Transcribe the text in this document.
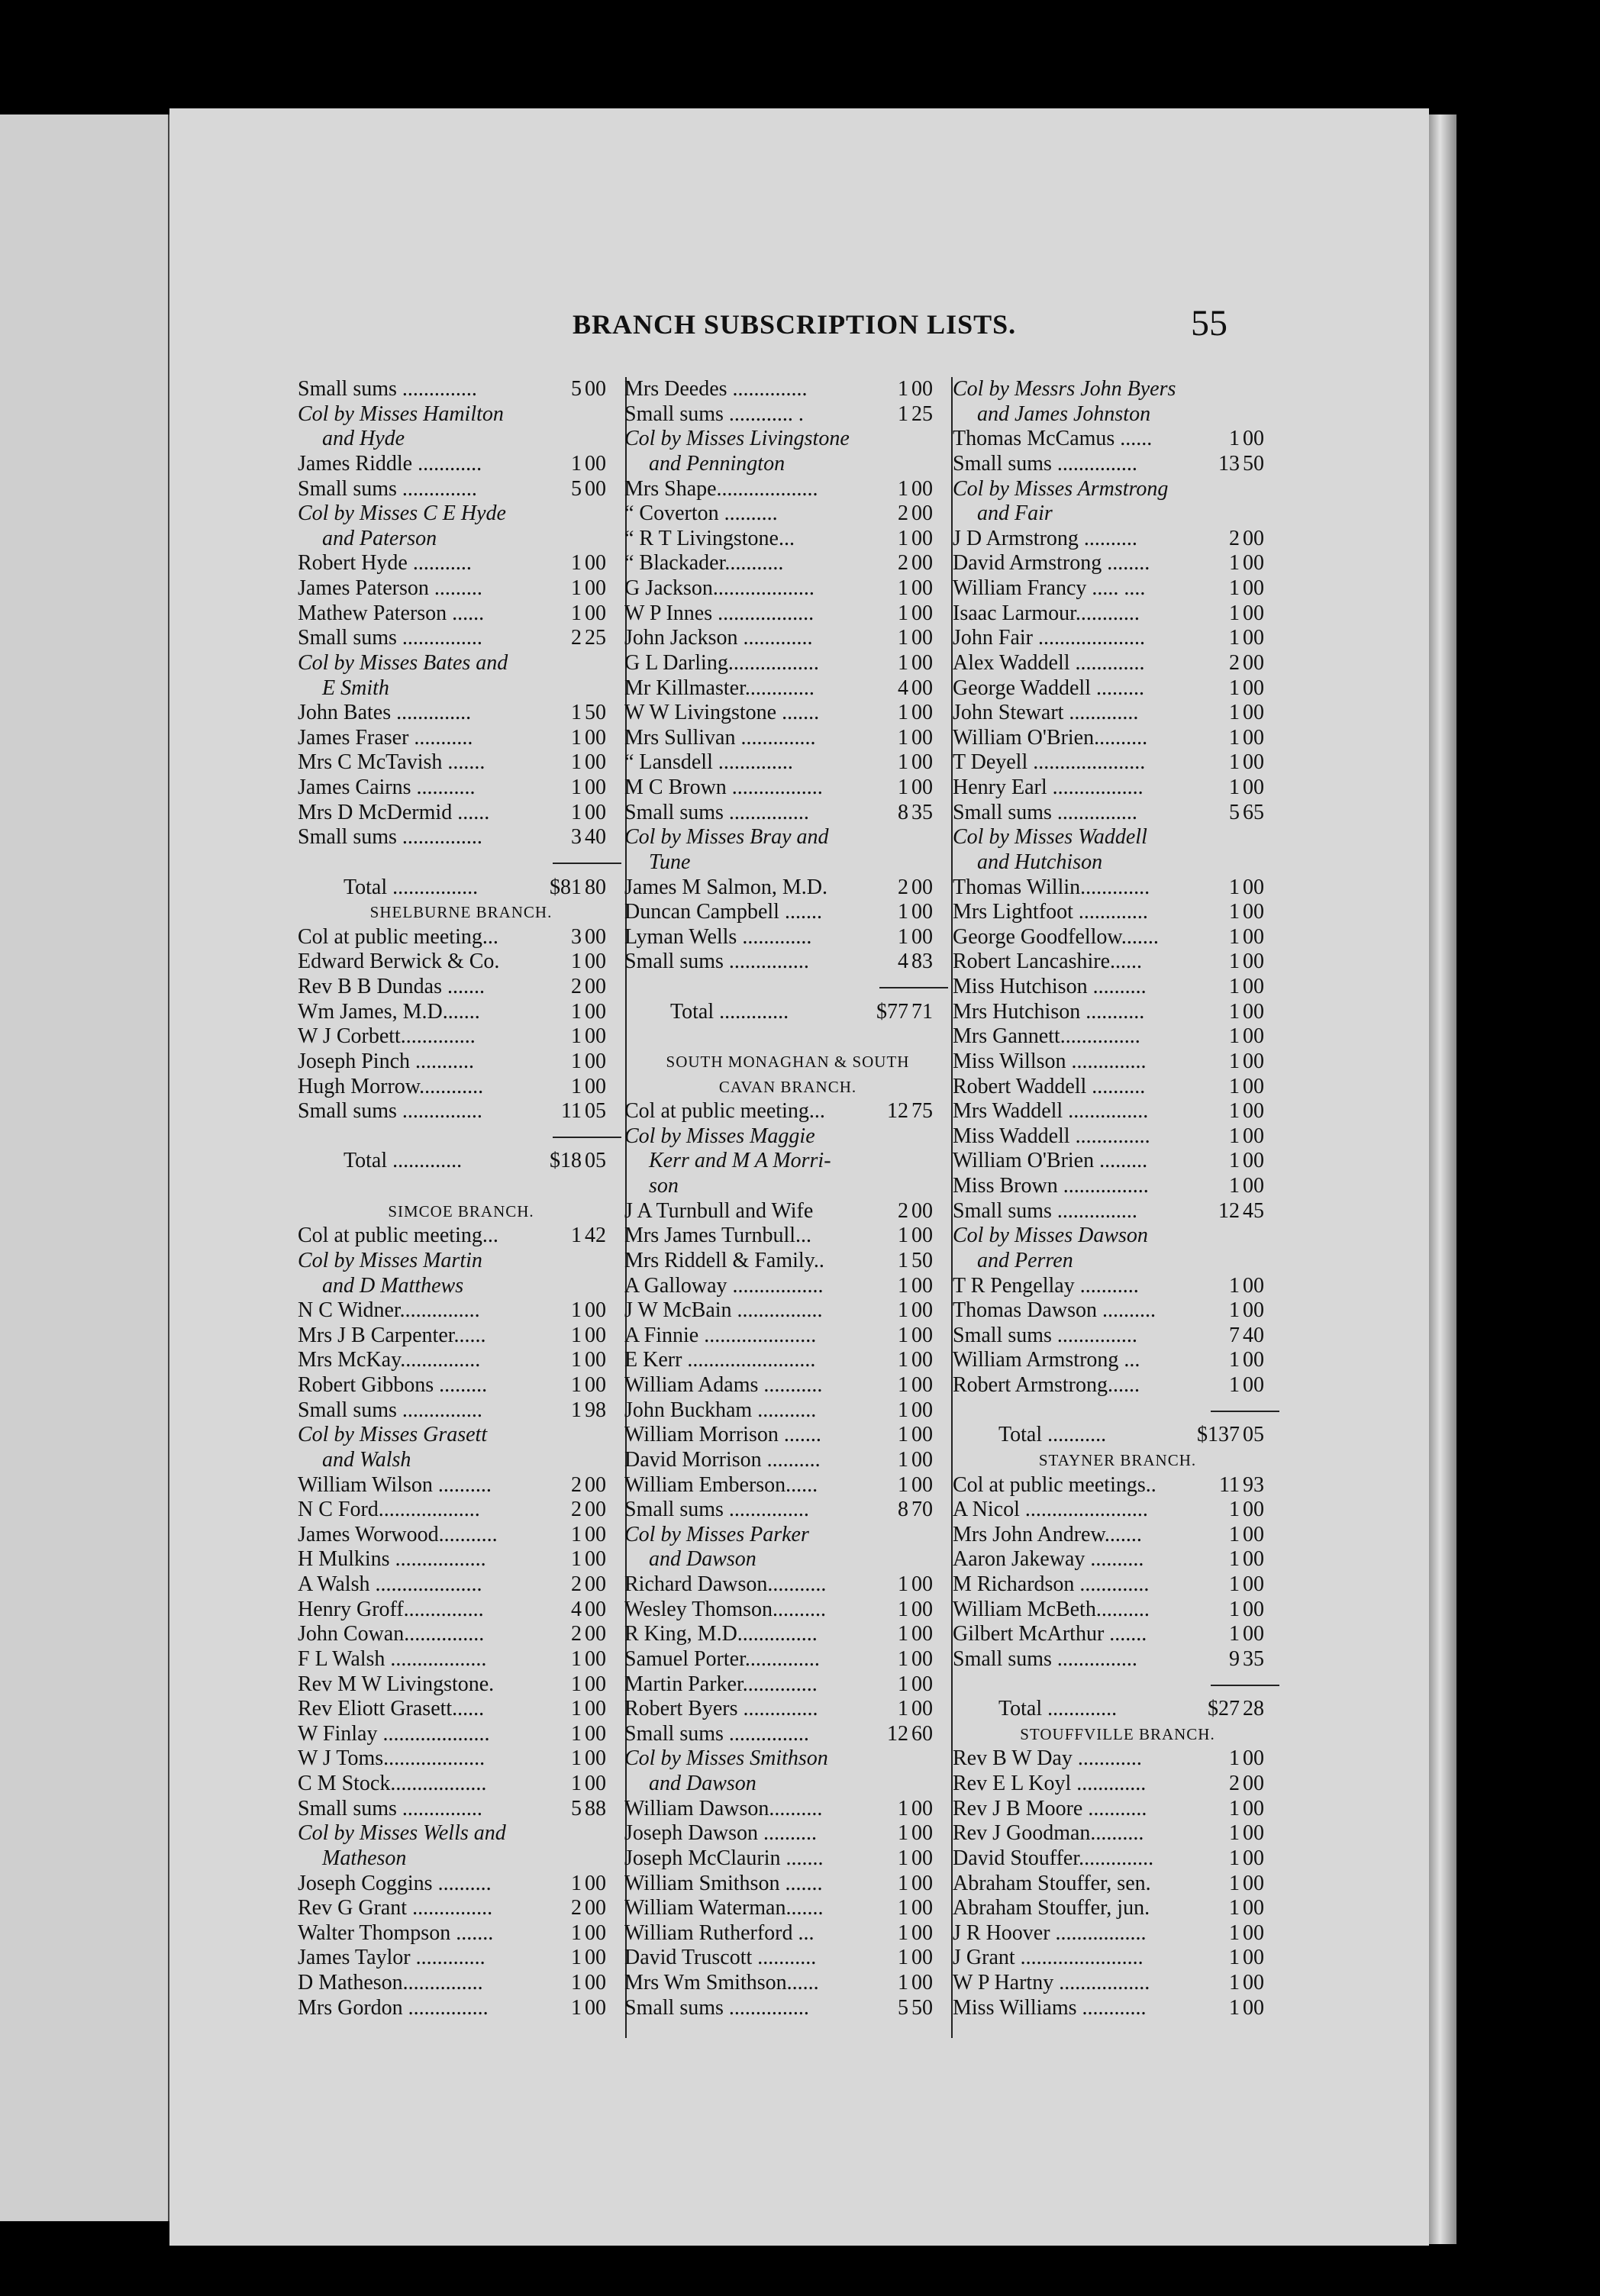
BRANCH SUBSCRIPTION LISTS.	55
Small sums ..............	5 00
Col by Misses Hamilton
and Hyde
James Riddle ............	1 00
Small sums ..............	5 00
Col by Misses C E Hyde
and Paterson
Robert Hyde ...........	1 00
James Paterson .........	1 00
Mathew Paterson ......	1 00
Small sums ...............	2 25
Col by Misses Bates and
E Smith
John Bates ..............	1 50
James Fraser ...........	1 00
Mrs C McTavish .......	1 00
James Cairns ...........	1 00
Mrs D McDermid ......	1 00
Small sums ...............	3 40
Total ................	$81 80
SHELBURNE BRANCH.
Col at public meeting...	3 00
Edward Berwick & Co.	1 00
Rev B B Dundas .......	2 00
Wm James, M.D.......	1 00
W J Corbett..............	1 00
Joseph Pinch ...........	1 00
Hugh Morrow............	1 00
Small sums ...............	11 05
Total .............	$18 05
SIMCOE BRANCH.
Col at public meeting...	1 42
Col by Misses Martin
and D Matthews
N C Widner...............	1 00
Mrs J B Carpenter......	1 00
Mrs McKay...............	1 00
Robert Gibbons .........	1 00
Small sums ...............	1 98
Col by Misses Grasett
and Walsh
William Wilson ..........	2 00
N C Ford...................	2 00
James Worwood...........	1 00
H Mulkins .................	1 00
A Walsh ....................	2 00
Henry Groff...............	4 00
John Cowan...............	2 00
F L Walsh ..................	1 00
Rev M W Livingstone.	1 00
Rev Eliott Grasett......	1 00
W Finlay ....................	1 00
W J Toms...................	1 00
C M Stock..................	1 00
Small sums ...............	5 88
Col by Misses Wells and
Matheson
Joseph Coggins ..........	1 00
Rev G Grant ...............	2 00
Walter Thompson .......	1 00
James Taylor .............	1 00
D Matheson...............	1 00
Mrs Gordon ...............	1 00
Mrs Deedes ..............	1 00
Small sums ............ .	1 25
Col by Misses Livingstone
and Pennington
Mrs Shape...................	1 00
“ Coverton ..........	2 00
“ R T Livingstone...	1 00
“ Blackader...........	2 00
G Jackson...................	1 00
W P Innes ..................	1 00
John Jackson .............	1 00
G L Darling.................	1 00
Mr Killmaster.............	4 00
W W Livingstone .......	1 00
Mrs Sullivan ..............	1 00
“ Lansdell ..............	1 00
M C Brown .................	1 00
Small sums ...............	8 35
Col by Misses Bray and
Tune
James M Salmon, M.D.	2 00
Duncan Campbell .......	1 00
Lyman Wells .............	1 00
Small sums ...............	4 83
Total .............	$77 71
SOUTH MONAGHAN & SOUTH
CAVAN BRANCH.
Col at public meeting...	12 75
Col by Misses Maggie
Kerr and M A Morri-
son
J A Turnbull and Wife	2 00
Mrs James Turnbull...	1 00
Mrs Riddell & Family..	1 50
A Galloway .................	1 00
J W McBain ................	1 00
A Finnie .....................	1 00
E Kerr ........................	1 00
William Adams ...........	1 00
John Buckham ...........	1 00
William Morrison .......	1 00
David Morrison ..........	1 00
William Emberson......	1 00
Small sums ...............	8 70
Col by Misses Parker
and Dawson
Richard Dawson...........	1 00
Wesley Thomson..........	1 00
R King, M.D...............	1 00
Samuel Porter..............	1 00
Martin Parker..............	1 00
Robert Byers ..............	1 00
Small sums ...............	12 60
Col by Misses Smithson
and Dawson
William Dawson..........	1 00
Joseph Dawson ..........	1 00
Joseph McClaurin .......	1 00
William Smithson .......	1 00
William Waterman.......	1 00
William Rutherford ...	1 00
David Truscott ...........	1 00
Mrs Wm Smithson......	1 00
Small sums ...............	5 50
Col by Messrs John Byers
and James Johnston
Thomas McCamus ......	1 00
Small sums ...............	13 50
Col by Misses Armstrong
and Fair
J D Armstrong ..........	2 00
David Armstrong ........	1 00
William Francy ..... ....	1 00
Isaac Larmour............	1 00
John Fair ....................	1 00
Alex Waddell .............	2 00
George Waddell .........	1 00
John Stewart .............	1 00
William O'Brien..........	1 00
T Deyell .....................	1 00
Henry Earl .................	1 00
Small sums ...............	5 65
Col by Misses Waddell
and Hutchison
Thomas Willin.............	1 00
Mrs Lightfoot .............	1 00
George Goodfellow.......	1 00
Robert Lancashire......	1 00
Miss Hutchison ..........	1 00
Mrs Hutchison ...........	1 00
Mrs Gannett...............	1 00
Miss Willson ..............	1 00
Robert Waddell ..........	1 00
Mrs Waddell ...............	1 00
Miss Waddell ..............	1 00
William O'Brien .........	1 00
Miss Brown ................	1 00
Small sums ...............	12 45
Col by Misses Dawson
and Perren
T R Pengellay ...........	1 00
Thomas Dawson ..........	1 00
Small sums ...............	7 40
William Armstrong ...	1 00
Robert Armstrong......	1 00
Total ...........	$137 05
STAYNER BRANCH.
Col at public meetings..	11 93
A Nicol .......................	1 00
Mrs John Andrew.......	1 00
Aaron Jakeway ..........	1 00
M Richardson .............	1 00
William McBeth..........	1 00
Gilbert McArthur .......	1 00
Small sums ...............	9 35
Total .............	$27 28
STOUFFVILLE BRANCH.
Rev B W Day ............	1 00
Rev E L Koyl .............	2 00
Rev J B Moore ...........	1 00
Rev J Goodman..........	1 00
David Stouffer..............	1 00
Abraham Stouffer, sen.	1 00
Abraham Stouffer, jun.	1 00
J R Hoover .................	1 00
J Grant .......................	1 00
W P Hartny .................	1 00
Miss Williams ............	1 00
